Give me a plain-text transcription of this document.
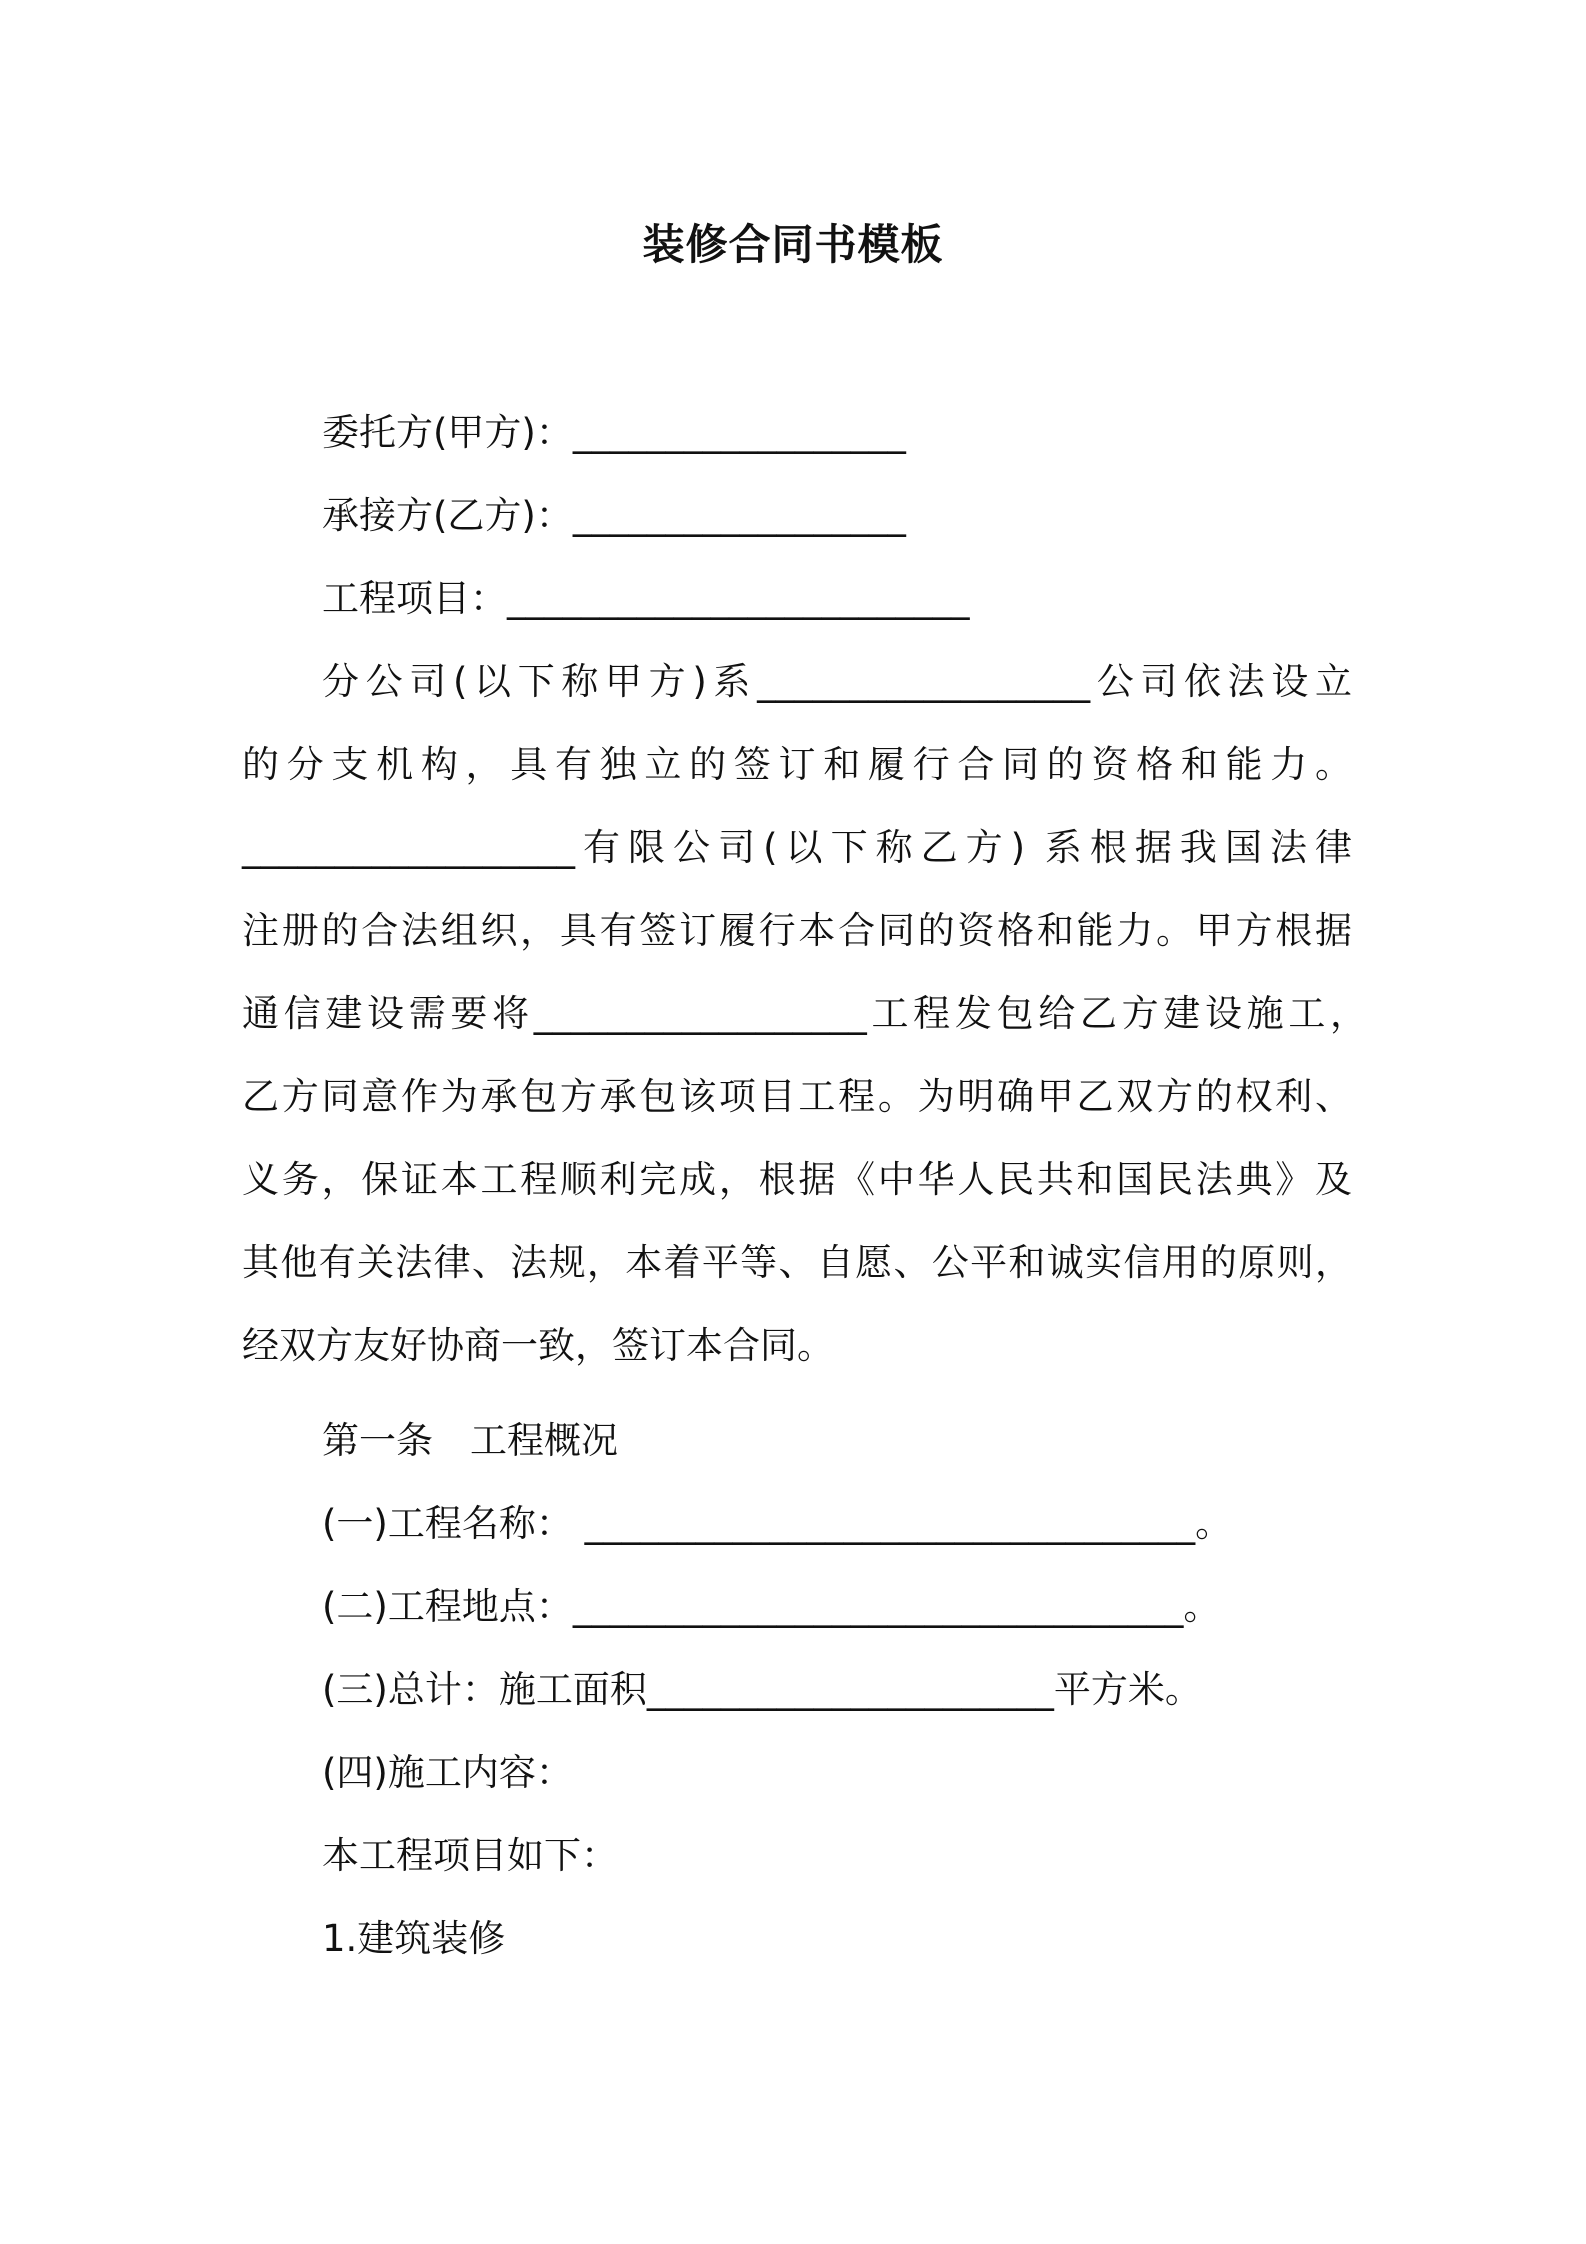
装修合同书模板
委托方(甲方)：__________________
承接方(乙方)：__________________
工程项目：_________________________
分公司(以下称甲方)系__________________公司依法设立
的分支机构，具有独立的签订和履行合同的资格和能力。
__________________有限公司(以下称乙方) 系根据我国法律
注册的合法组织，具有签订履行本合同的资格和能力。甲方根据
通信建设需要将__________________工程发包给乙方建设施工，
乙方同意作为承包方承包该项目工程。为明确甲乙双方的权利、
义务，保证本工程顺利完成，根据《中华人民共和国民法典》及
其他有关法律、法规，本着平等、自愿、公平和诚实信用的原则，
经双方友好协商一致，签订本合同。
第一条　工程概况
(一)工程名称： _________________________________。
(二)工程地点：_________________________________。
(三)总计：施工面积______________________平方米。
(四)施工内容：
本工程项目如下：
1.建筑装修
